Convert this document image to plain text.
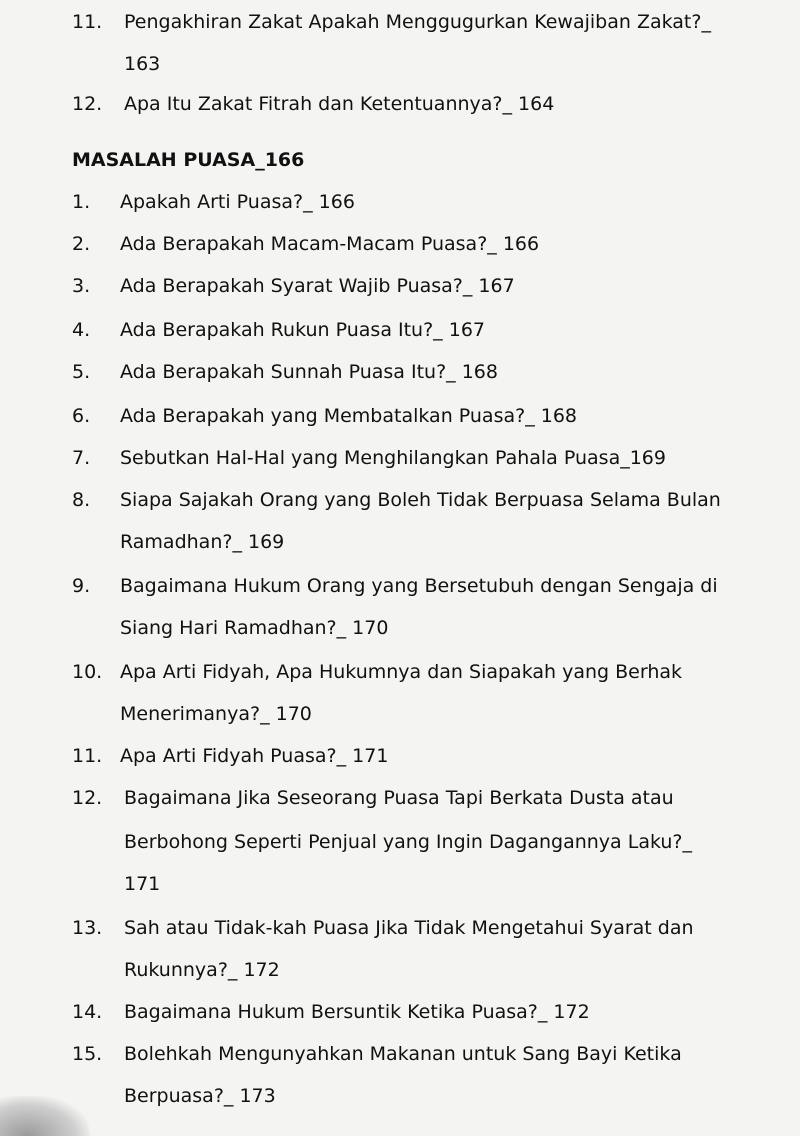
11.	Pengakhiran Zakat Apakah Menggugurkan Kewajiban Zakat?_
163
12.	Apa Itu Zakat Fitrah dan Ketentuannya?_ 164
MASALAH PUASA_166
1.	Apakah Arti Puasa?_ 166
2.	Ada Berapakah Macam-Macam Puasa?_ 166
3.	Ada Berapakah Syarat Wajib Puasa?_ 167
4.	Ada Berapakah Rukun Puasa Itu?_ 167
5.	Ada Berapakah Sunnah Puasa Itu?_ 168
6.	Ada Berapakah yang Membatalkan Puasa?_ 168
7.	Sebutkan Hal-Hal yang Menghilangkan Pahala Puasa_169
8.	Siapa Sajakah Orang yang Boleh Tidak Berpuasa Selama Bulan
Ramadhan?_ 169
9.	Bagaimana Hukum Orang yang Bersetubuh dengan Sengaja di
Siang Hari Ramadhan?_ 170
10. Apa Arti Fidyah, Apa Hukumnya dan Siapakah yang Berhak
Menerimanya?_ 170
11. Apa Arti Fidyah Puasa?_ 171
12.	Bagaimana Jika Seseorang Puasa Tapi Berkata Dusta atau
Berbohong Seperti Penjual yang Ingin Dagangannya Laku?_
171
13.	Sah atau Tidak-kah Puasa Jika Tidak Mengetahui Syarat dan
Rukunnya?_ 172
14.	Bagaimana Hukum Bersuntik Ketika Puasa?_ 172
15.	Bolehkah Mengunyahkan Makanan untuk Sang Bayi Ketika
Berpuasa?_ 173
